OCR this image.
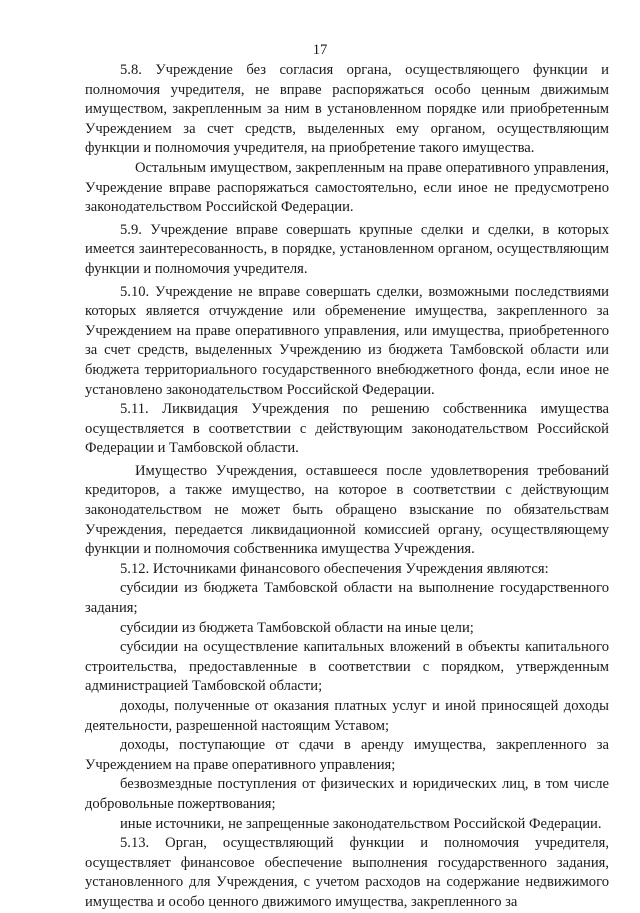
17

5.8. Учреждение без согласия органа, осуществляющего функции и полномочия учредителя, не вправе распоряжаться особо ценным движимым имуществом, закрепленным за ним в установленном порядке или приобретенным Учреждением за счет средств, выделенных ему органом, осуществляющим функции и полномочия учредителя, на приобретение такого имущества.

Остальным имуществом, закрепленным на праве оперативного управления, Учреждение вправе распоряжаться самостоятельно, если иное не предусмотрено законодательством Российской Федерации.

5.9. Учреждение вправе совершать крупные сделки и сделки, в которых имеется заинтересованность, в порядке, установленном органом, осуществляющим функции и полномочия учредителя.

5.10. Учреждение не вправе совершать сделки, возможными последствиями которых является отчуждение или обременение имущества, закрепленного за Учреждением на праве оперативного управления, или имущества, приобретенного за счет средств, выделенных Учреждению из бюджета Тамбовской области или бюджета территориального государственного внебюджетного фонда, если иное не установлено законодательством Российской Федерации.

5.11. Ликвидация Учреждения по решению собственника имущества осуществляется в соответствии с действующим законодательством Российской Федерации и Тамбовской области.

Имущество Учреждения, оставшееся после удовлетворения требований кредиторов, а также имущество, на которое в соответствии с действующим законодательством не может быть обращено взыскание по обязательствам Учреждения, передается ликвидационной комиссией органу, осуществляющему функции и полномочия собственника имущества Учреждения.

5.12. Источниками финансового обеспечения Учреждения являются:

субсидии из бюджета Тамбовской области на выполнение государственного задания;

субсидии из бюджета Тамбовской области на иные цели;

субсидии на осуществление капитальных вложений в объекты капитального строительства, предоставленные в соответствии с порядком, утвержденным администрацией Тамбовской области;

доходы, полученные от оказания платных услуг и иной приносящей доходы деятельности, разрешенной настоящим Уставом;

доходы, поступающие от сдачи в аренду имущества, закрепленного за Учреждением на праве оперативного управления;

безвозмездные поступления от физических и юридических лиц, в том числе добровольные пожертвования;

иные источники, не запрещенные законодательством Российской Федерации.

5.13. Орган, осуществляющий функции и полномочия учредителя, осуществляет финансовое обеспечение выполнения государственного задания, установленного для Учреждения, с учетом расходов на содержание недвижимого имущества и особо ценного движимого имущества, закрепленного за
